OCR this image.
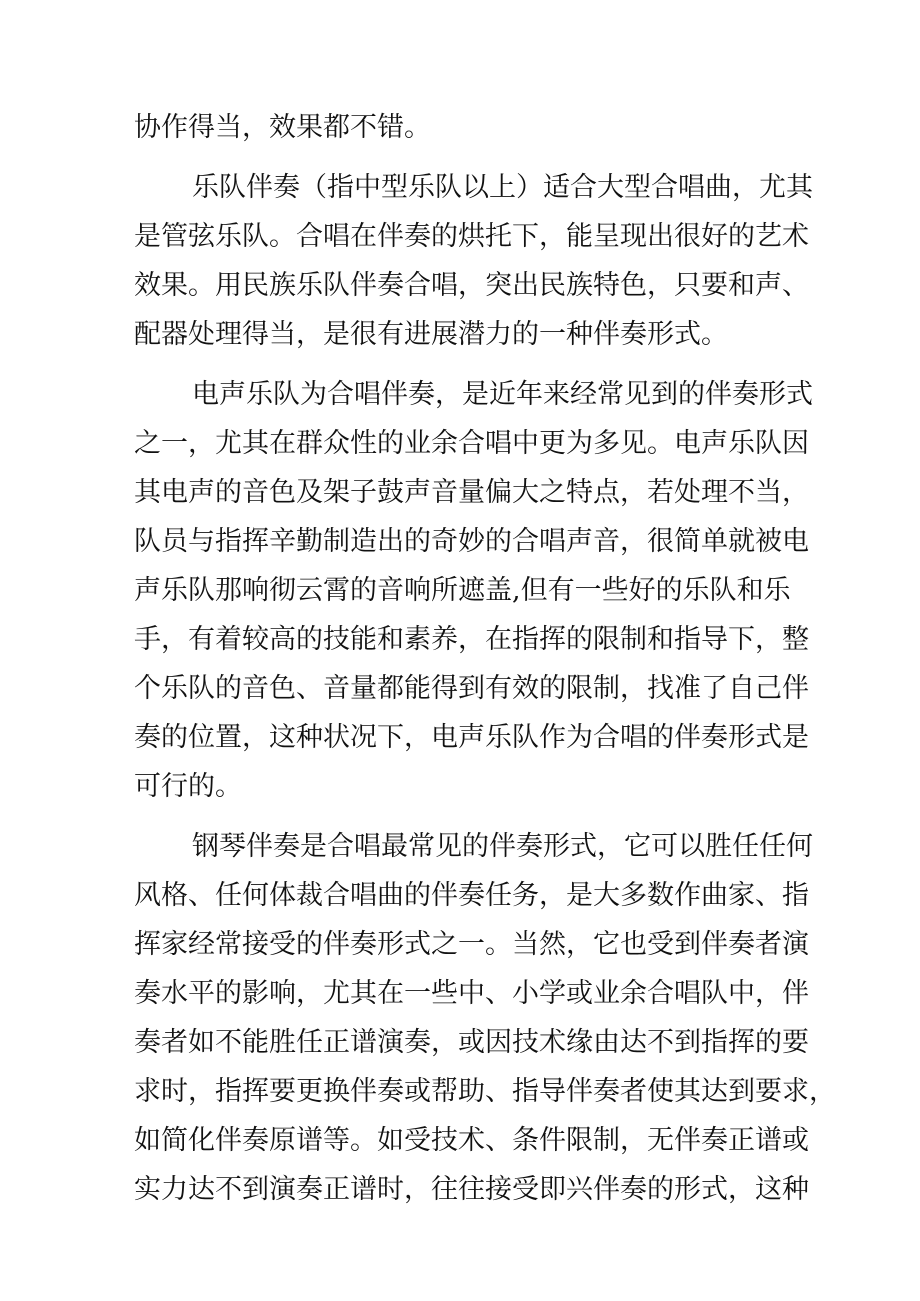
协作得当，效果都不错。
乐队伴奏（指中型乐队以上）适合大型合唱曲，尤其
是管弦乐队。合唱在伴奏的烘托下，能呈现出很好的艺术
效果。用民族乐队伴奏合唱，突出民族特色，只要和声、
配器处理得当，是很有进展潜力的一种伴奏形式。
电声乐队为合唱伴奏，是近年来经常见到的伴奏形式
之一，尤其在群众性的业余合唱中更为多见。电声乐队因
其电声的音色及架子鼓声音量偏大之特点，若处理不当，
队员与指挥辛勤制造出的奇妙的合唱声音，很简单就被电
声乐队那响彻云霄的音响所遮盖,但有一些好的乐队和乐
手，有着较高的技能和素养，在指挥的限制和指导下，整
个乐队的音色、音量都能得到有效的限制，找准了自己伴
奏的位置，这种状况下，电声乐队作为合唱的伴奏形式是
可行的。
钢琴伴奏是合唱最常见的伴奏形式，它可以胜任任何
风格、任何体裁合唱曲的伴奏任务，是大多数作曲家、指
挥家经常接受的伴奏形式之一。当然，它也受到伴奏者演
奏水平的影响，尤其在一些中、小学或业余合唱队中，伴
奏者如不能胜任正谱演奏，或因技术缘由达不到指挥的要
求时，指挥要更换伴奏或帮助、指导伴奏者使其达到要求，
如简化伴奏原谱等。如受技术、条件限制，无伴奏正谱或
实力达不到演奏正谱时，往往接受即兴伴奏的形式，这种
